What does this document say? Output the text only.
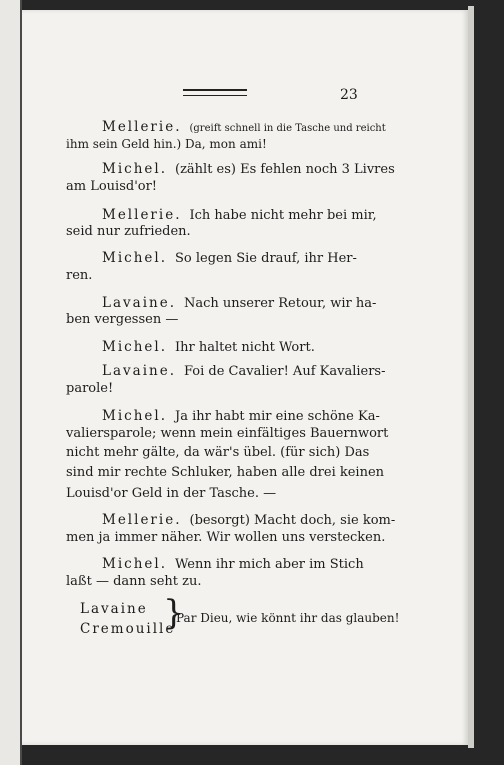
23
Mellerie. (greift schnell in die Tasche und reicht
ihm sein Geld hin.) Da, mon ami!
Michel. (zählt es) Es fehlen noch 3 Livres
am Louisd'or!
Mellerie. Ich habe nicht mehr bei mir,
seid nur zufrieden.
Michel. So legen Sie drauf, ihr Her-
ren.
Lavaine. Nach unserer Retour, wir ha-
ben vergessen —
Michel. Ihr haltet nicht Wort.
Lavaine. Foi de Cavalier! Auf Kavaliers-
parole!
Michel. Ja ihr habt mir eine schöne Ka-
valiersparole; wenn mein einfältiges Bauernwort
nicht mehr gälte, da wär's übel. (für sich) Das
sind mir rechte Schluker, haben alle drei keinen
Louisd'or Geld in der Tasche. —
Mellerie. (besorgt) Macht doch, sie kom-
men ja immer näher. Wir wollen uns verstecken.
Michel. Wenn ihr mich aber im Stich
laßt — dann seht zu.
Lavaine
Cremouille
}
Par Dieu, wie könnt ihr das glauben!
